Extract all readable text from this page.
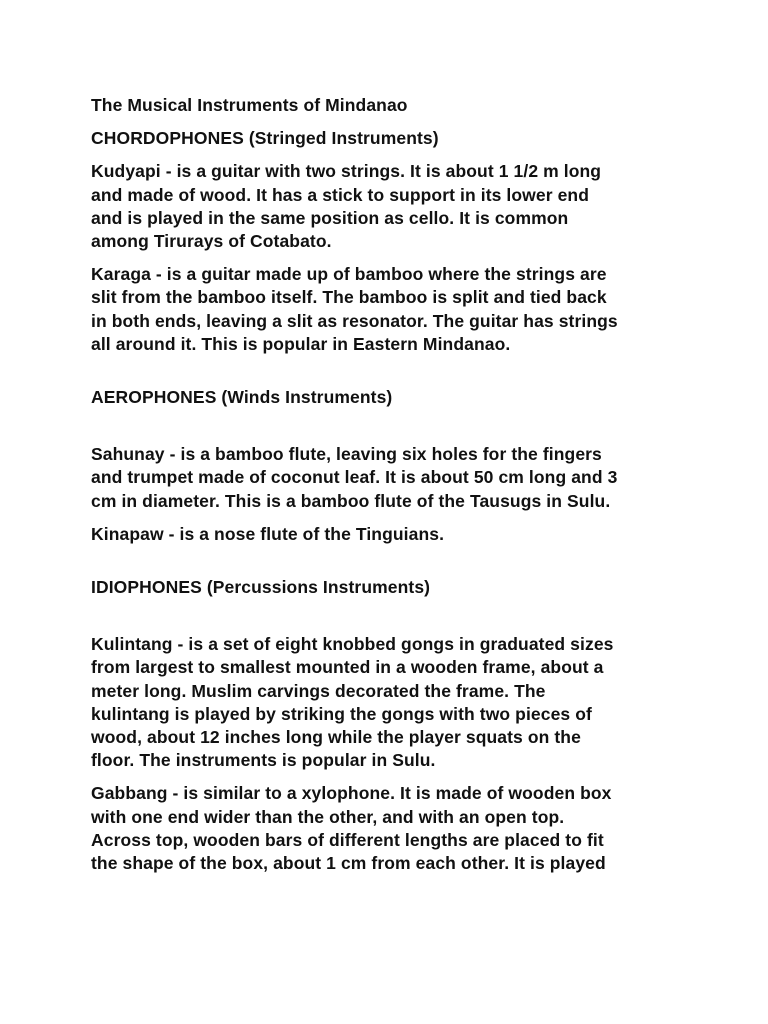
The Musical Instruments of Mindanao

CHORDOPHONES (Stringed Instruments)

Kudyapi - is a guitar with two strings. It is about 1 1/2 m long
and made of wood. It has a stick to support in its lower end
and is played in the same position as cello. It is common
among Tirurays of Cotabato.

Karaga - is a guitar made up of bamboo where the strings are
slit from the bamboo itself. The bamboo is split and tied back
in both ends, leaving a slit as resonator. The guitar has strings
all around it. This is popular in Eastern Mindanao.

AEROPHONES (Winds Instruments)

Sahunay - is a bamboo flute, leaving six holes for the fingers
and trumpet made of coconut leaf. It is about 50 cm long and 3
cm in diameter. This is a bamboo flute of the Tausugs in Sulu.

Kinapaw - is a nose flute of the Tinguians.

IDIOPHONES (Percussions Instruments)

Kulintang - is a set of eight knobbed gongs in graduated sizes
from largest to smallest mounted in a wooden frame, about a
meter long. Muslim carvings decorated the frame. The
kulintang is played by striking the gongs with two pieces of
wood, about 12 inches long while the player squats on the
floor. The instruments is popular in Sulu.

Gabbang - is similar to a xylophone. It is made of wooden box
with one end wider than the other, and with an open top.
Across top, wooden bars of different lengths are placed to fit
the shape of the box, about 1 cm from each other. It is played
